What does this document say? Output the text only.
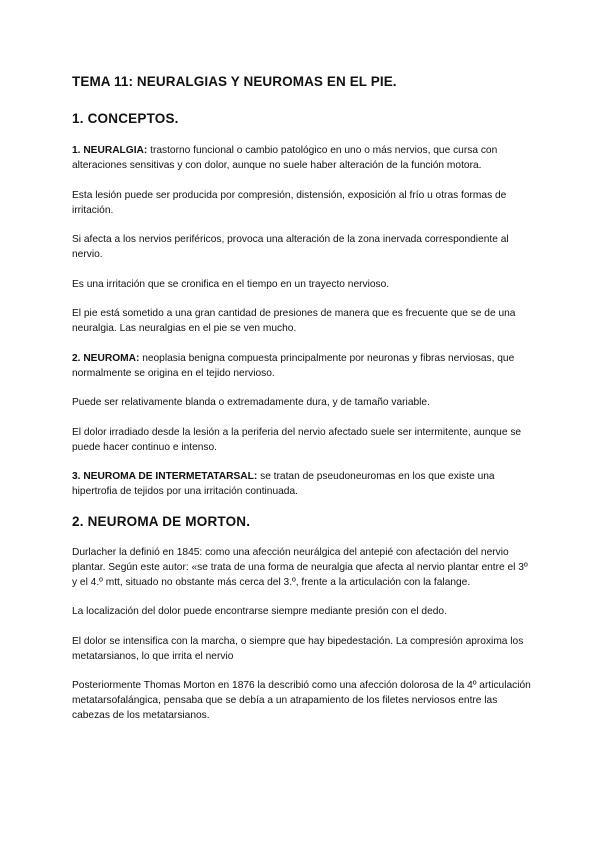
TEMA 11: NEURALGIAS Y NEUROMAS EN EL PIE.
1. CONCEPTOS.
1. NEURALGIA: trastorno funcional o cambio patológico en uno o más nervios, que cursa con alteraciones sensitivas y con dolor, aunque no suele haber alteración de la función motora.
Esta lesión puede ser producida por compresión, distensión, exposición al frío u otras formas de irritación.
Si afecta a los nervios periféricos, provoca una alteración de la zona inervada correspondiente al nervio.
Es una irritación que se cronifica en el tiempo en un trayecto nervioso.
El pie está sometido a una gran cantidad de presiones de manera que es frecuente que se de una neuralgia. Las neuralgias en el pie se ven mucho.
2. NEUROMA: neoplasia benigna compuesta principalmente por neuronas y fibras nerviosas, que normalmente se origina en el tejido nervioso.
Puede ser relativamente blanda o extremadamente dura, y de tamaño variable.
El dolor irradiado desde la lesión a la periferia del nervio afectado suele ser intermitente, aunque se puede hacer continuo e intenso.
3. NEUROMA DE INTERMETATARSAL: se tratan de pseudoneuromas en los que existe una hipertrofia de tejidos por una irritación continuada.
2. NEUROMA DE MORTON.
Durlacher la definió en 1845: como una afección neurálgica del antepié con afectación del nervio plantar. Según este autor: «se trata de una forma de neuralgia que afecta al nervio plantar entre el 3º y el 4.º mtt, situado no obstante más cerca del 3.º, frente a la articulación con la falange.
La localización del dolor puede encontrarse siempre mediante presión con el dedo.
El dolor se intensifica con la marcha, o siempre que hay bipedestación. La compresión aproxima los metatarsianos, lo que irrita el nervio
Posteriormente Thomas Morton en 1876 la describió como una afección dolorosa de la 4º articulación metatarsofalángica, pensaba que se debía a un atrapamiento de los filetes nerviosos entre las cabezas de los metatarsianos.
